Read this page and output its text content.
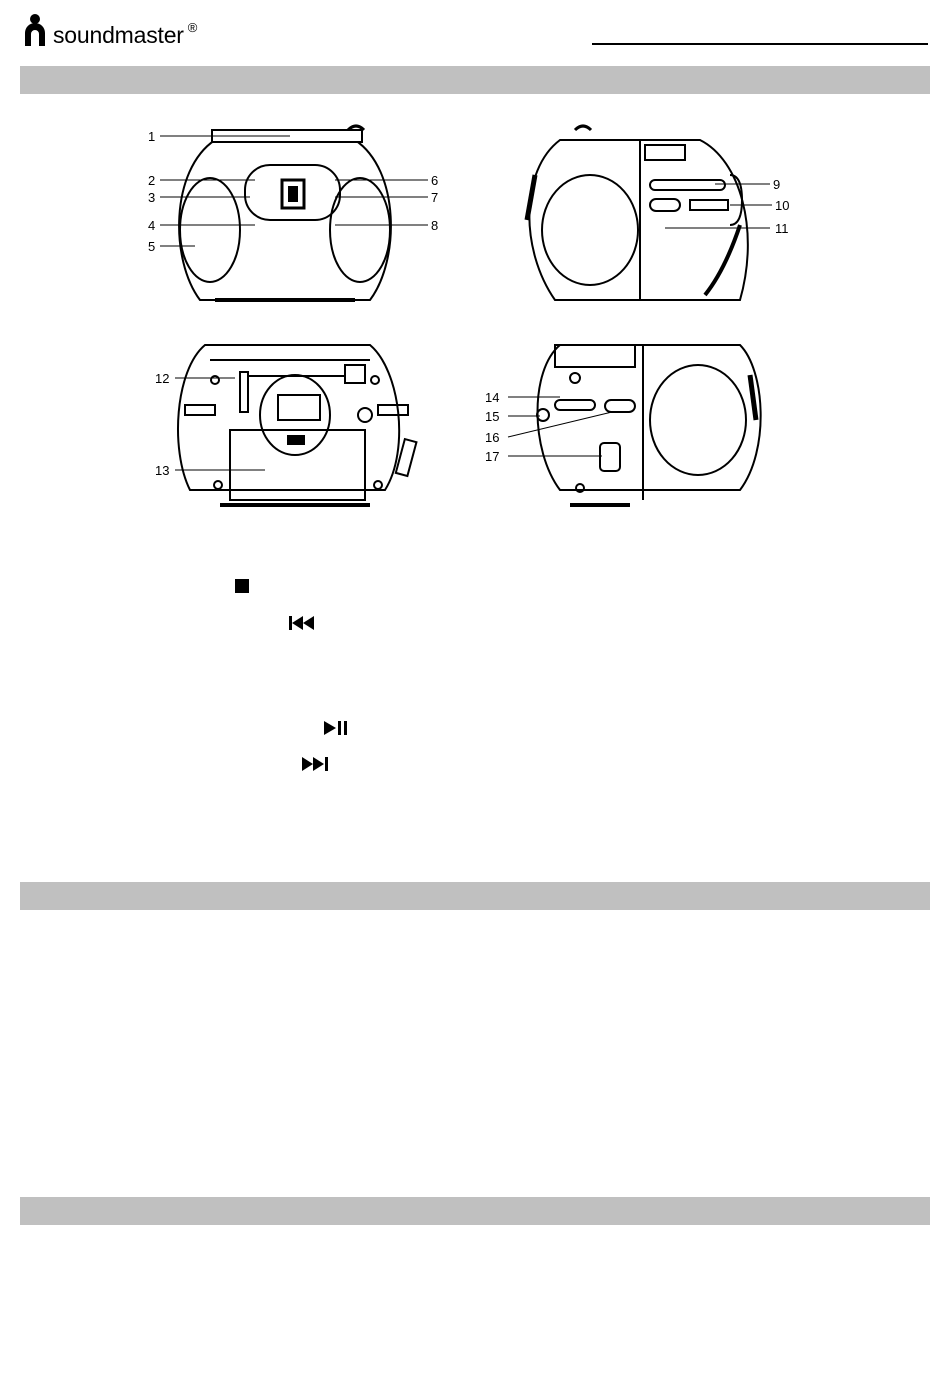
soundmaster ®
1
2
3
4
5
6
7
8
9
10
11
12
13
14
15
16
17
